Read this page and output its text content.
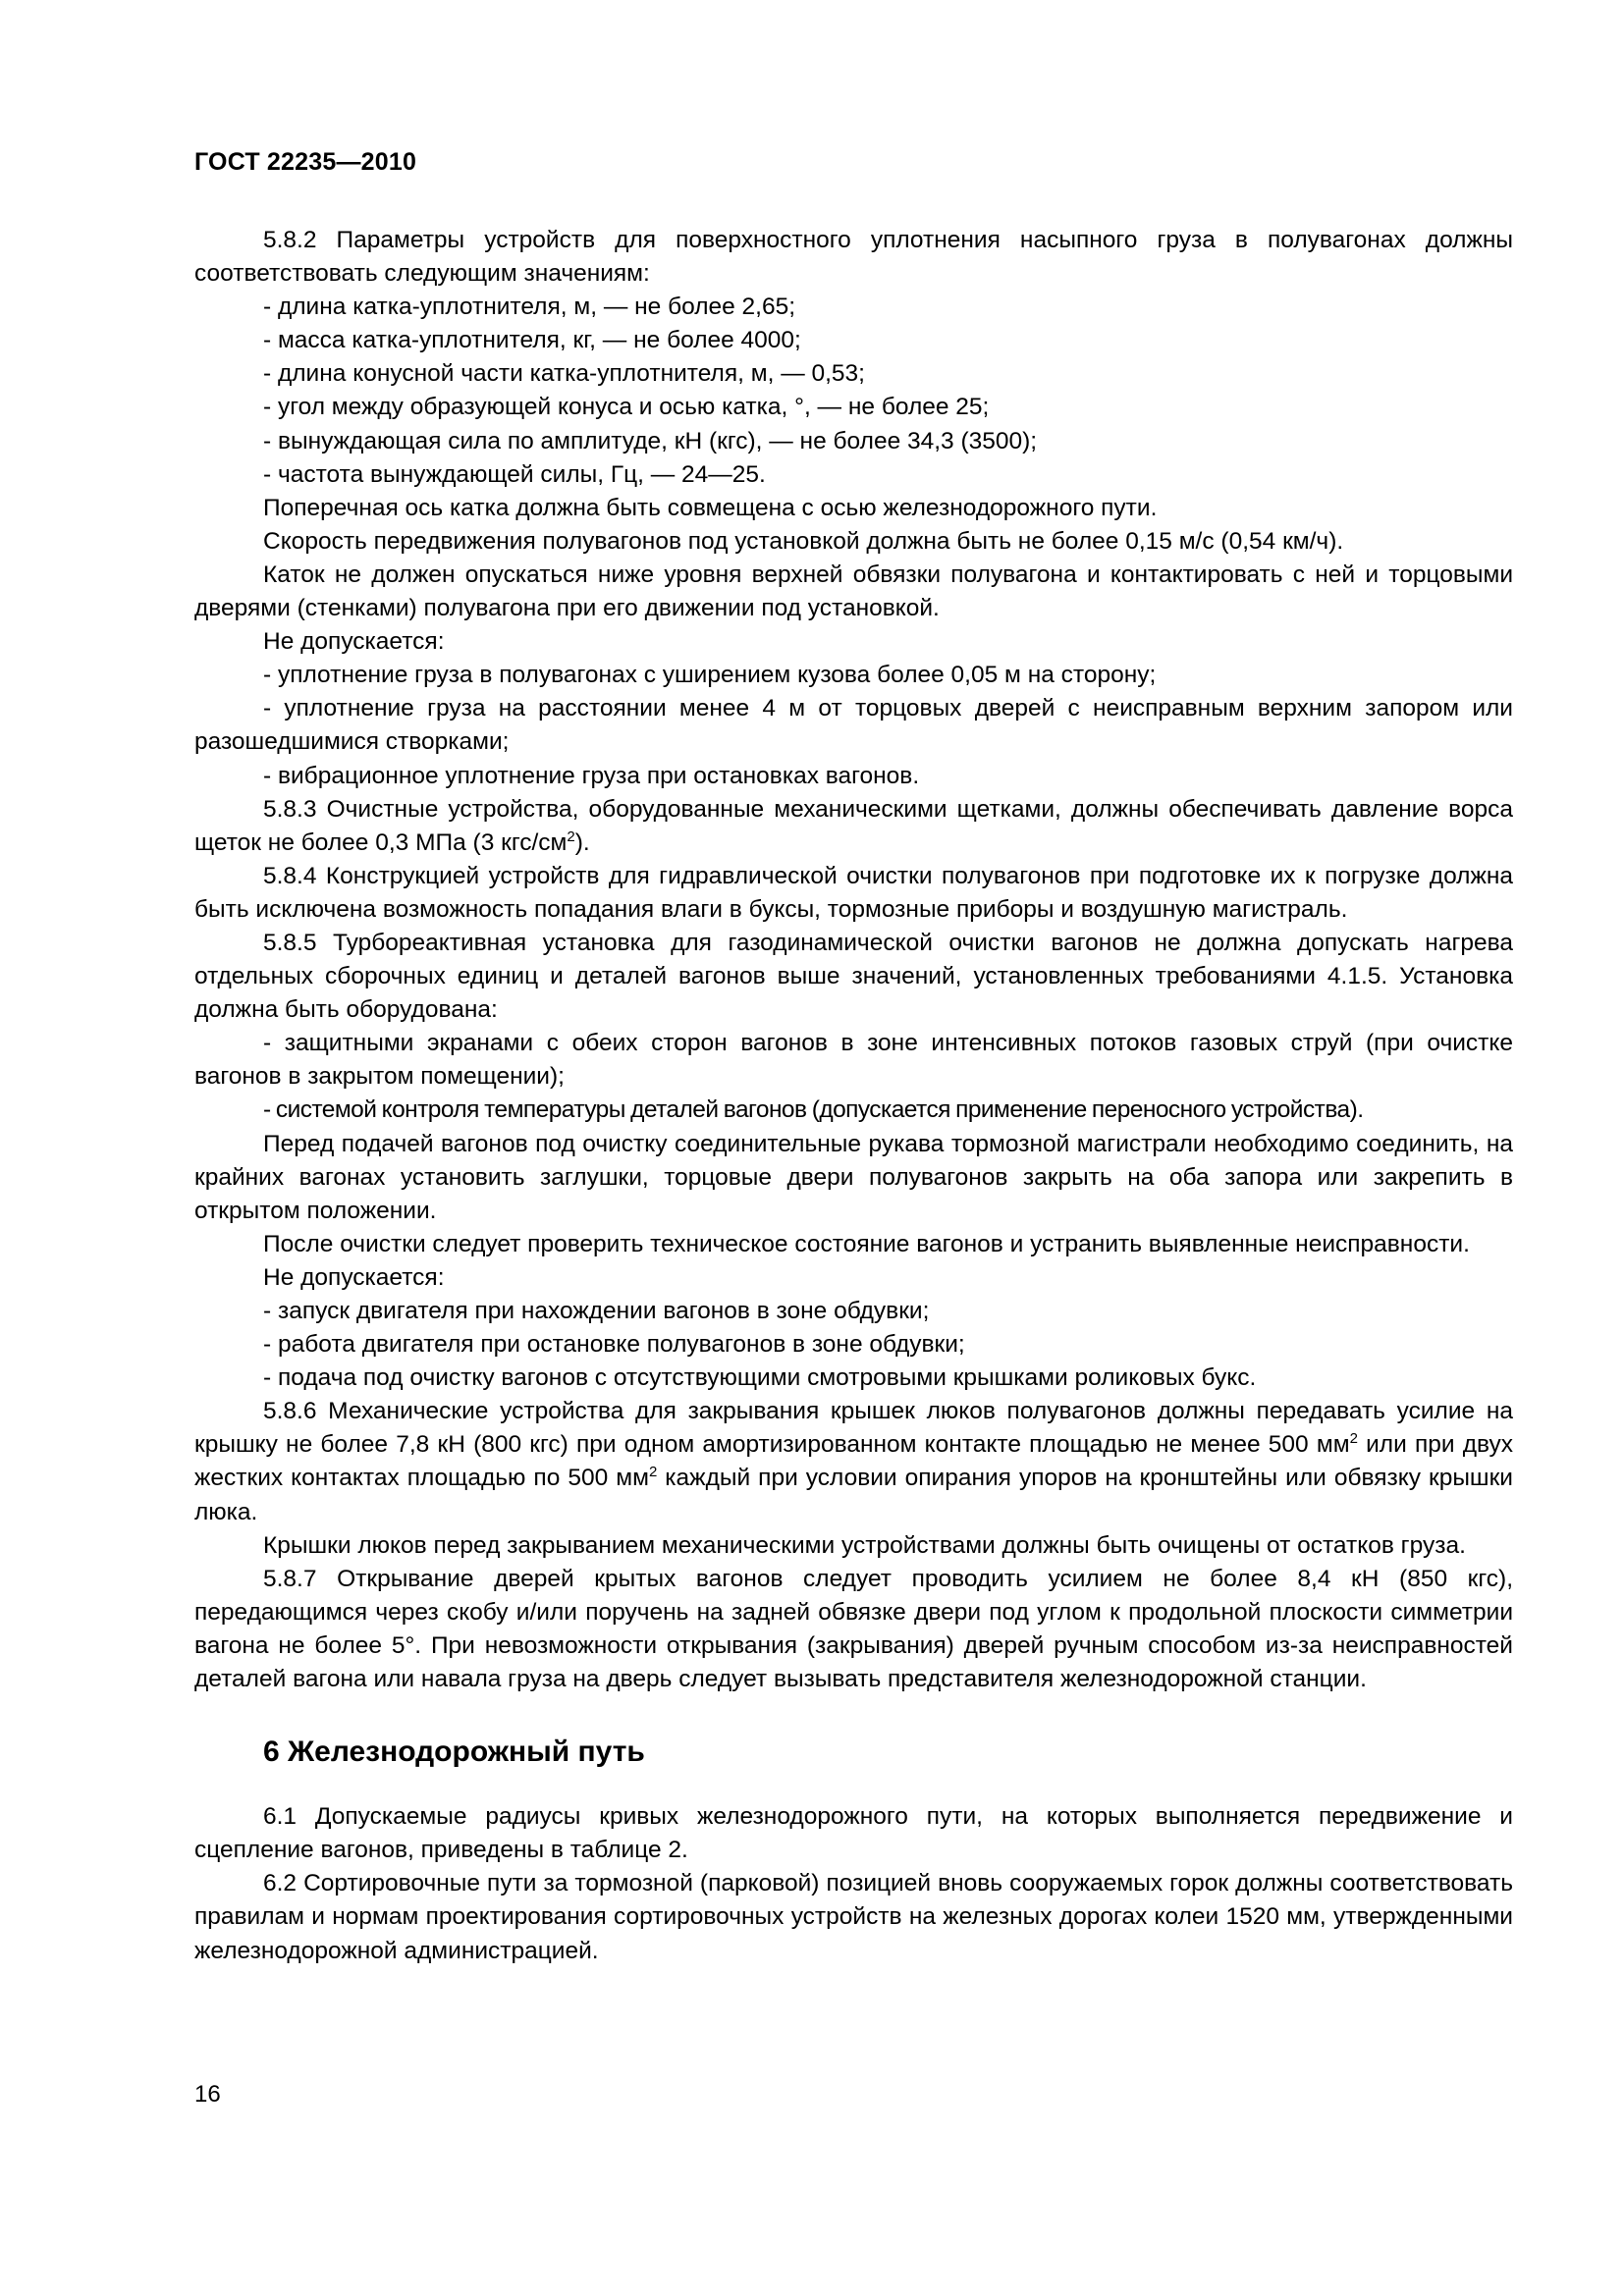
ГОСТ 22235—2010

5.8.2 Параметры устройств для поверхностного уплотнения насыпного груза в полувагонах должны соответствовать следующим значениям:

- длина катка-уплотнителя, м, — не более 2,65;

- масса катка-уплотнителя, кг, — не более 4000;

- длина конусной части катка-уплотнителя, м, — 0,53;

- угол между образующей конуса и осью катка, °, — не более 25;

- вынуждающая сила по амплитуде, кН (кгс), — не более 34,3 (3500);

- частота вынуждающей силы, Гц, — 24—25.

Поперечная ось катка должна быть совмещена с осью железнодорожного пути.

Скорость передвижения полувагонов под установкой должна быть не более 0,15 м/с (0,54 км/ч).

Каток не должен опускаться ниже уровня верхней обвязки полувагона и контактировать с ней и торцовыми дверями (стенками) полувагона при его движении под установкой.

Не допускается:

- уплотнение груза в полувагонах с уширением кузова более 0,05 м на сторону;

- уплотнение груза на расстоянии менее 4 м от торцовых дверей с неисправным верхним запором или разошедшимися створками;

- вибрационное уплотнение груза при остановках вагонов.

5.8.3 Очистные устройства, оборудованные механическими щетками, должны обеспечивать давление ворса щеток не более 0,3 МПа (3 кгс/$см^2$).

5.8.4 Конструкцией устройств для гидравлической очистки полувагонов при подготовке их к погрузке должна быть исключена возможность попадания влаги в буксы, тормозные приборы и воздушную магистраль.

5.8.5 Турбореактивная установка для газодинамической очистки вагонов не должна допускать нагрева отдельных сборочных единиц и деталей вагонов выше значений, установленных требованиями 4.1.5. Установка должна быть оборудована:

- защитными экранами с обеих сторон вагонов в зоне интенсивных потоков газовых струй (при очистке вагонов в закрытом помещении);

- системой контроля температуры деталей вагонов (допускается применение переносного устройства).

Перед подачей вагонов под очистку соединительные рукава тормозной магистрали необходимо соединить, на крайних вагонах установить заглушки, торцовые двери полувагонов закрыть на оба запора или закрепить в открытом положении.

После очистки следует проверить техническое состояние вагонов и устранить выявленные неисправности.

Не допускается:

- запуск двигателя при нахождении вагонов в зоне обдувки;

- работа двигателя при остановке полувагонов в зоне обдувки;

- подача под очистку вагонов с отсутствующими смотровыми крышками роликовых букс.

5.8.6 Механические устройства для закрывания крышек люков полувагонов должны передавать усилие на крышку не более 7,8 кН (800 кгс) при одном амортизированном контакте площадью не менее 500 $мм^2$ или при двух жестких контактах площадью по 500 $мм^2$ каждый при условии опирания упоров на кронштейны или обвязку крышки люка.

Крышки люков перед закрыванием механическими устройствами должны быть очищены от остатков груза.

5.8.7 Открывание дверей крытых вагонов следует проводить усилием не более 8,4 кН (850 кгс), передающимся через скобу и/или поручень на задней обвязке двери под углом к продольной плоскости симметрии вагона не более 5°. При невозможности открывания (закрывания) дверей ручным способом из-за неисправностей деталей вагона или навала груза на дверь следует вызывать представителя железнодорожной станции.

6 Железнодорожный путь

6.1 Допускаемые радиусы кривых железнодорожного пути, на которых выполняется передвижение и сцепление вагонов, приведены в таблице 2.

6.2 Сортировочные пути за тормозной (парковой) позицией вновь сооружаемых горок должны соответствовать правилам и нормам проектирования сортировочных устройств на железных дорогах колеи 1520 мм, утвержденными железнодорожной администрацией.

16
